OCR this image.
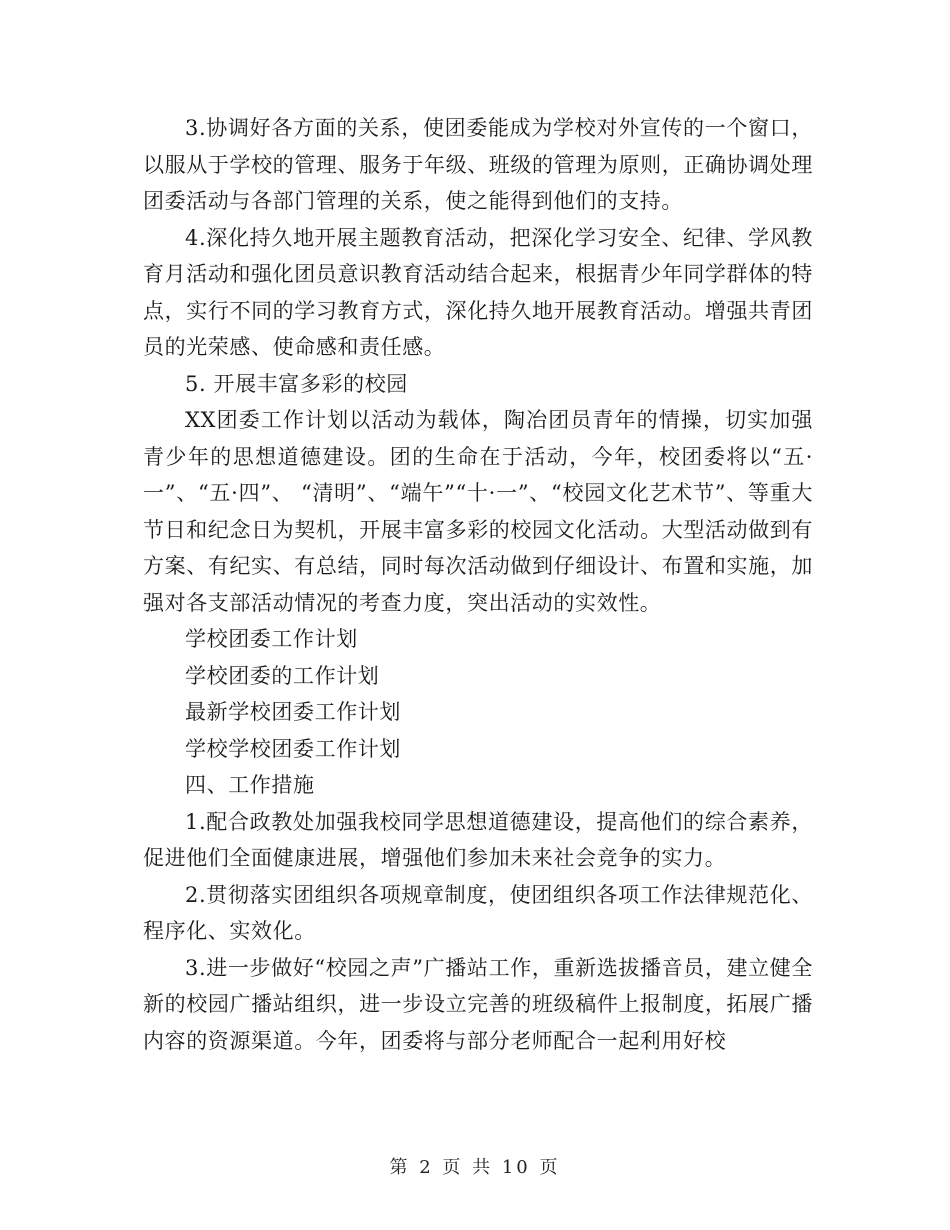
3.协调好各方面的关系，使团委能成为学校对外宣传的一个窗口，以服从于学校的管理、服务于年级、班级的管理为原则，正确协调处理团委活动与各部门管理的关系，使之能得到他们的支持。

4.深化持久地开展主题教育活动，把深化学习安全、纪律、学风教育月活动和强化团员意识教育活动结合起来，根据青少年同学群体的特点，实行不同的学习教育方式，深化持久地开展教育活动。增强共青团员的光荣感、使命感和责任感。

5. 开展丰富多彩的校园

XX团委工作计划以活动为载体，陶冶团员青年的情操，切实加强青少年的思想道德建设。团的生命在于活动，今年，校团委将以“五·一”、“五·四”、 “清明”、“端午”“十·一”、“校园文化艺术节”、等重大节日和纪念日为契机，开展丰富多彩的校园文化活动。大型活动做到有方案、有纪实、有总结，同时每次活动做到仔细设计、布置和实施，加强对各支部活动情况的考查力度，突出活动的实效性。

学校团委工作计划

学校团委的工作计划

最新学校团委工作计划

学校学校团委工作计划

四、工作措施

1.配合政教处加强我校同学思想道德建设，提高他们的综合素养，促进他们全面健康进展，增强他们参加未来社会竞争的实力。

2.贯彻落实团组织各项规章制度，使团组织各项工作法律规范化、程序化、实效化。

3.进一步做好“校园之声”广播站工作，重新选拔播音员，建立健全新的校园广播站组织，进一步设立完善的班级稿件上报制度，拓展广播内容的资源渠道。今年，团委将与部分老师配合一起利用好校

第 2 页 共 10 页
